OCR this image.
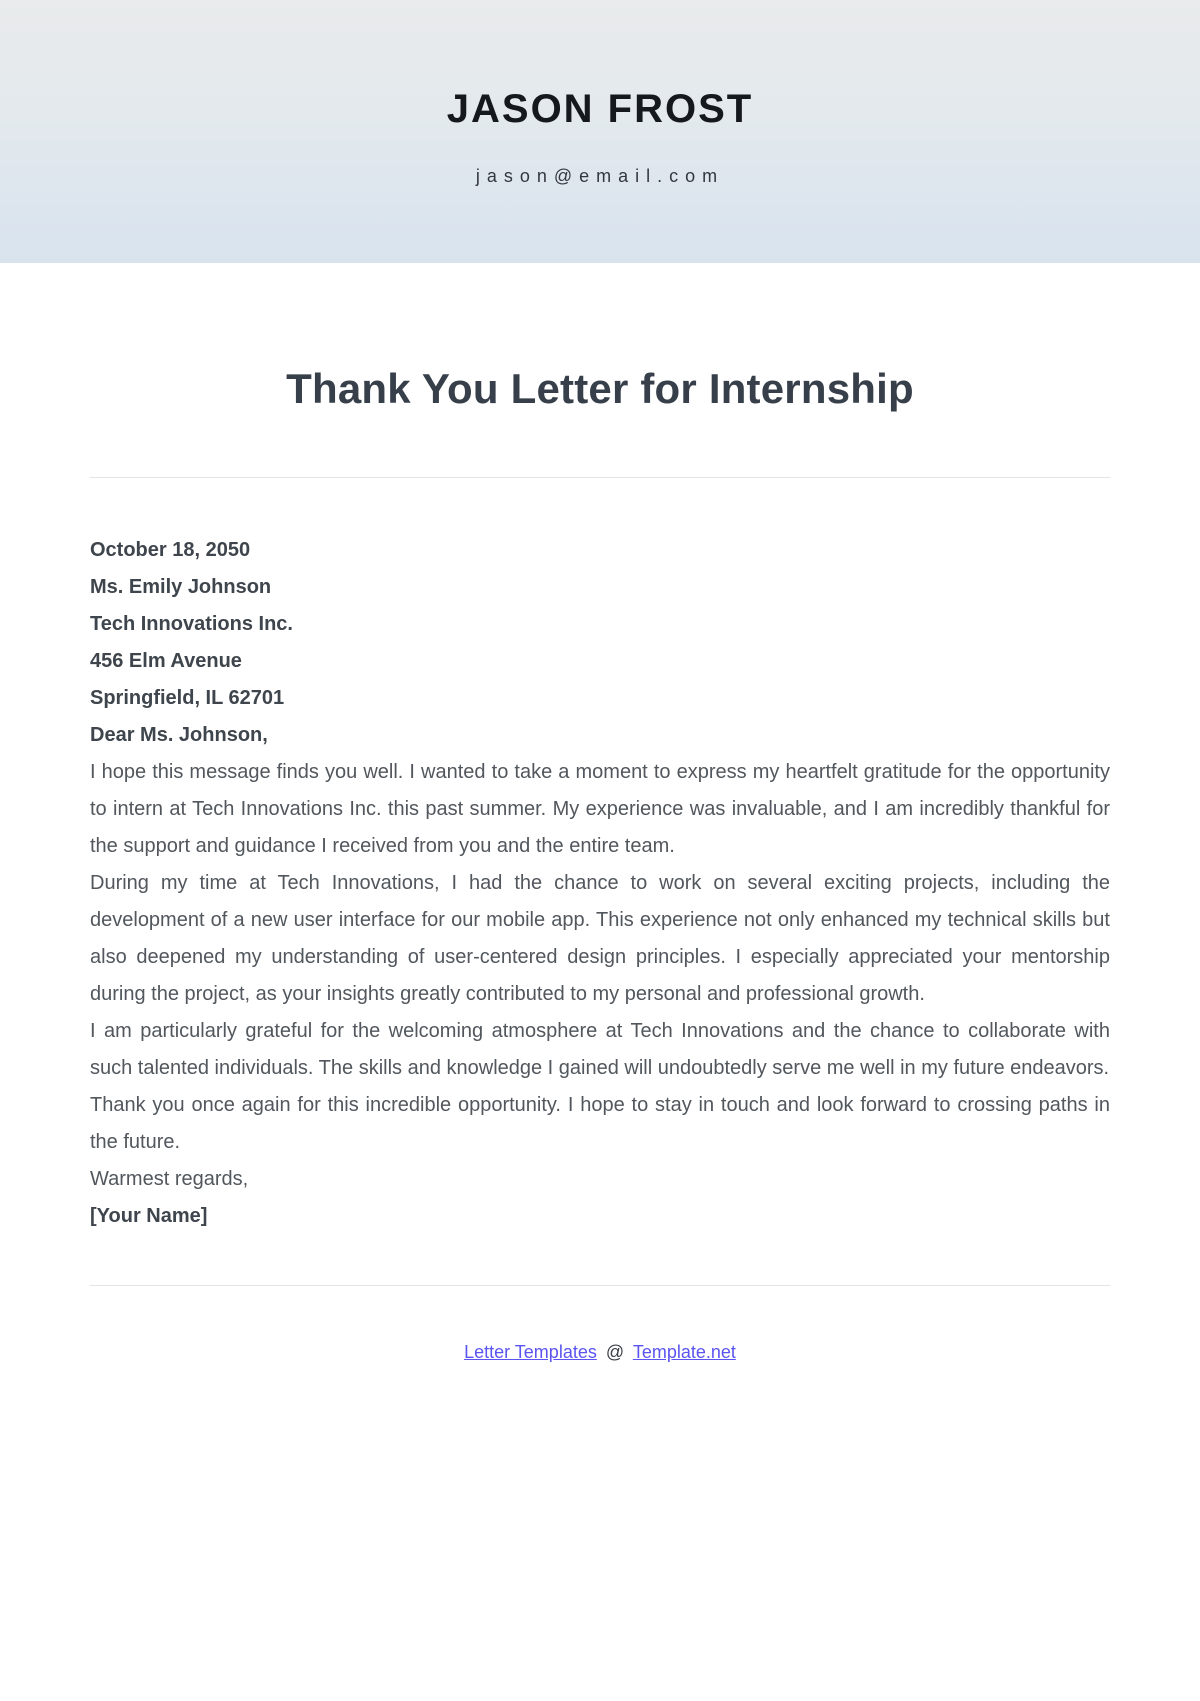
JASON FROST
jason@email.com
Thank You Letter for Internship

October 18, 2050

Ms. Emily Johnson

Tech Innovations Inc.

456 Elm Avenue

Springfield, IL 62701

Dear Ms. Johnson,

I hope this message finds you well. I wanted to take a moment to express my heartfelt gratitude for the opportunity to intern at Tech Innovations Inc. this past summer. My experience was invaluable, and I am incredibly thankful for the support and guidance I received from you and the entire team.

During my time at Tech Innovations, I had the chance to work on several exciting projects, including the development of a new user interface for our mobile app. This experience not only enhanced my technical skills but also deepened my understanding of user-centered design principles. I especially appreciated your mentorship during the project, as your insights greatly contributed to my personal and professional growth.

I am particularly grateful for the welcoming atmosphere at Tech Innovations and the chance to collaborate with such talented individuals. The skills and knowledge I gained will undoubtedly serve me well in my future endeavors.

Thank you once again for this incredible opportunity. I hope to stay in touch and look forward to crossing paths in the future.

Warmest regards,

[Your Name]

Letter Templates @ Template.net
